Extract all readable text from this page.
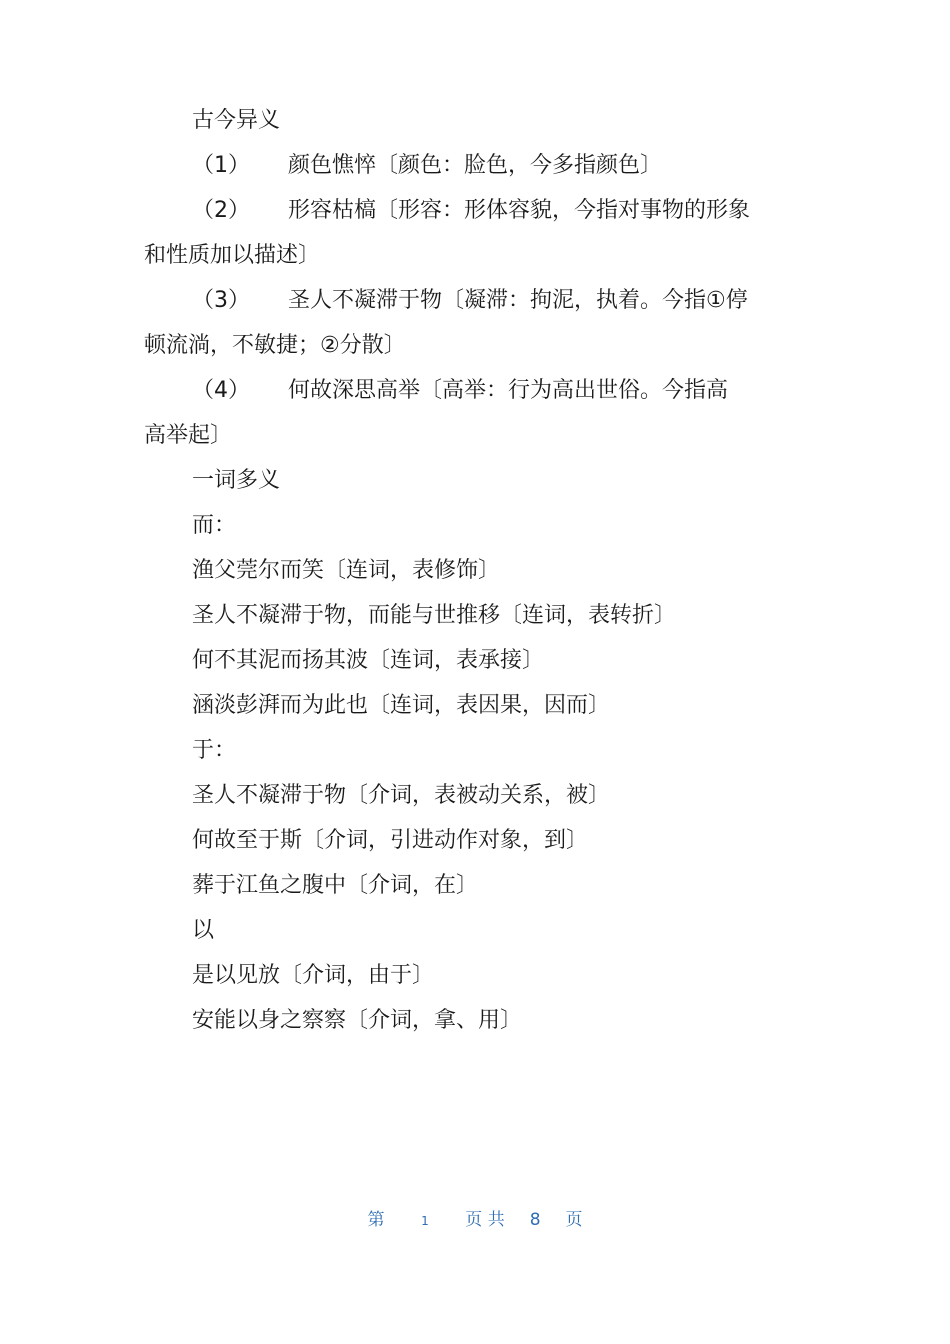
古今异义

（1） 颜色憔悴〔颜色：脸色，今多指颜色〕

（2） 形容枯槁〔形容：形体容貌，今指对事物的形象

和性质加以描述〕

（3） 圣人不凝滞于物〔凝滞：拘泥，执着。今指①停

顿流淌，不敏捷；②分散〕

（4） 何故深思高举〔高举：行为高出世俗。今指高

高举起〕

一词多义

而：

渔父莞尔而笑〔连词，表修饰〕

圣人不凝滞于物，而能与世推移〔连词，表转折〕

何不其泥而扬其波〔连词，表承接〕

涵淡彭湃而为此也〔连词，表因果，因而〕

于：

圣人不凝滞于物〔介词，表被动关系，被〕

何故至于斯〔介词，引进动作对象，到〕

葬于江鱼之腹中〔介词，在〕

以

是以见放〔介词，由于〕

安能以身之察察〔介词，拿、用〕

第	1 页 共 8 页
